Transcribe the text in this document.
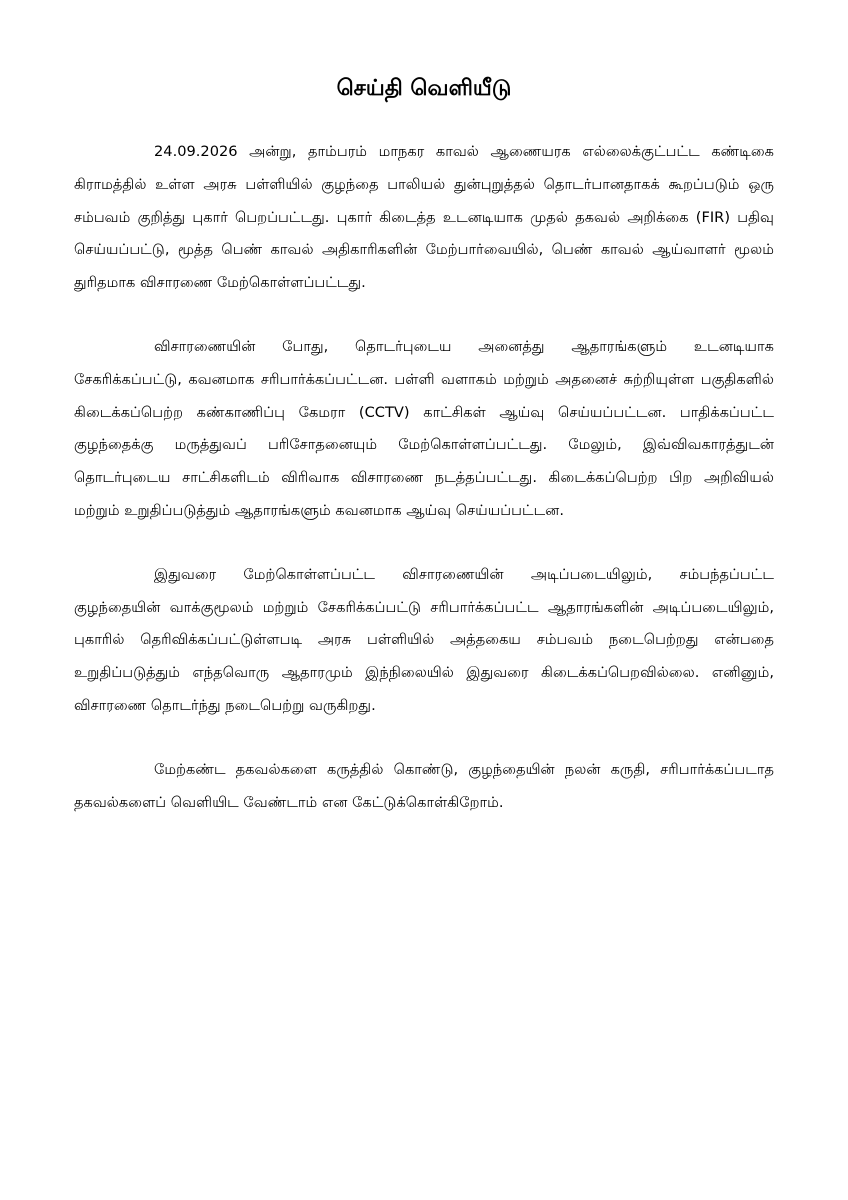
செய்தி வெளியீடு

24.09.2026 அன்று, தாம்பரம் மாநகர காவல் ஆணையரக எல்லைக்குட்பட்ட கண்டிகை கிராமத்தில் உள்ள அரசு பள்ளியில் குழந்தை பாலியல் துன்புறுத்தல் தொடர்பானதாகக் கூறப்படும் ஒரு சம்பவம் குறித்து புகார் பெறப்பட்டது. புகார் கிடைத்த உடனடியாக முதல் தகவல் அறிக்கை (FIR) பதிவு செய்யப்பட்டு, மூத்த பெண் காவல் அதிகாரிகளின் மேற்பார்வையில், பெண் காவல் ஆய்வாளர் மூலம் துரிதமாக விசாரணை மேற்கொள்ளப்பட்டது.

விசாரணையின் போது, தொடர்புடைய அனைத்து ஆதாரங்களும் உடனடியாக சேகரிக்கப்பட்டு, கவனமாக சரிபார்க்கப்பட்டன. பள்ளி வளாகம் மற்றும் அதனைச் சுற்றியுள்ள பகுதிகளில் கிடைக்கப்பெற்ற கண்காணிப்பு கேமரா (CCTV) காட்சிகள் ஆய்வு செய்யப்பட்டன. பாதிக்கப்பட்ட குழந்தைக்கு மருத்துவப் பரிசோதனையும் மேற்கொள்ளப்பட்டது. மேலும், இவ்விவகாரத்துடன் தொடர்புடைய சாட்சிகளிடம் விரிவாக விசாரணை நடத்தப்பட்டது. கிடைக்கப்பெற்ற பிற அறிவியல் மற்றும் உறுதிப்படுத்தும் ஆதாரங்களும் கவனமாக ஆய்வு செய்யப்பட்டன.

இதுவரை மேற்கொள்ளப்பட்ட விசாரணையின் அடிப்படையிலும், சம்பந்தப்பட்ட குழந்தையின் வாக்குமூலம் மற்றும் சேகரிக்கப்பட்டு சரிபார்க்கப்பட்ட ஆதாரங்களின் அடிப்படையிலும், புகாரில் தெரிவிக்கப்பட்டுள்ளபடி அரசு பள்ளியில் அத்தகைய சம்பவம் நடைபெற்றது என்பதை உறுதிப்படுத்தும் எந்தவொரு ஆதாரமும் இந்நிலையில் இதுவரை கிடைக்கப்பெறவில்லை. எனினும், விசாரணை தொடர்ந்து நடைபெற்று வருகிறது.

மேற்கண்ட தகவல்களை கருத்தில் கொண்டு, குழந்தையின் நலன் கருதி, சரிபார்க்கப்படாத தகவல்களைப் வெளியிட வேண்டாம் என கேட்டுக்கொள்கிறோம்.
